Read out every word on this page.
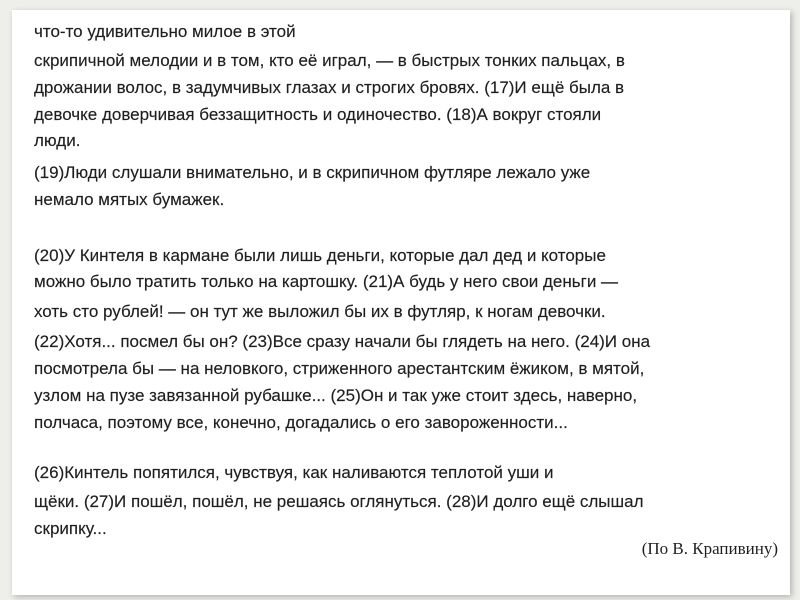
что-то удивительно милое в этой
скрипичной мелодии и в том, кто её играл, — в быстрых тонких пальцах, в
дрожании волос, в задумчивых глазах и строгих бровях. (17)И ещё была в
девочке доверчивая беззащитность и одиночество. (18)А вокруг стояли
люди.
(19)Люди слушали внимательно, и в скрипичном футляре лежало уже
немало мятых бумажек.
(20)У Кинтеля в кармане были лишь деньги, которые дал дед и которые
можно было тратить только на картошку. (21)А будь у него свои деньги —
хоть сто рублей! — он тут же выложил бы их в футляр, к ногам девочки.
(22)Хотя... посмел бы он? (23)Все сразу начали бы глядеть на него. (24)И она
посмотрела бы — на неловкого, стриженного арестантским ёжиком, в мятой,
узлом на пузе завязанной рубашке... (25)Он и так уже стоит здесь, наверно,
полчаса, поэтому все, конечно, догадались о его завороженности...
(26)Кинтель попятился, чувствуя, как наливаются теплотой уши и
щёки. (27)И пошёл, пошёл, не решаясь оглянуться. (28)И долго ещё слышал
скрипку...
(По В. Крапивину)
